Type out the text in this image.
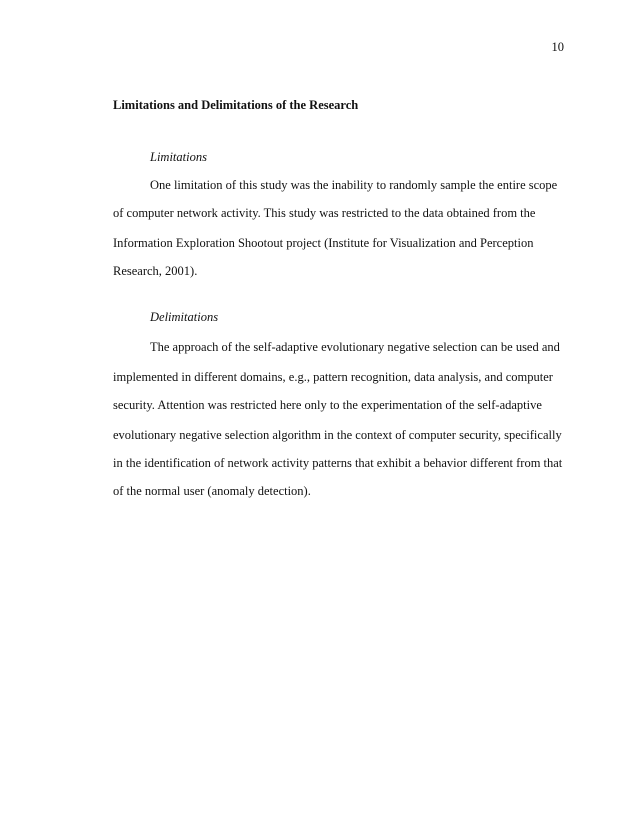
10
Limitations and Delimitations of the Research
Limitations
One limitation of this study was the inability to randomly sample the entire scope
of computer network activity. This study was restricted to the data obtained from the
Information Exploration Shootout project (Institute for Visualization and Perception
Research, 2001).
Delimitations
The approach of the self-adaptive evolutionary negative selection can be used and
implemented in different domains, e.g., pattern recognition, data analysis, and computer
security. Attention was restricted here only to the experimentation of the self-adaptive
evolutionary negative selection algorithm in the context of computer security, specifically
in the identification of network activity patterns that exhibit a behavior different from that
of the normal user (anomaly detection).
